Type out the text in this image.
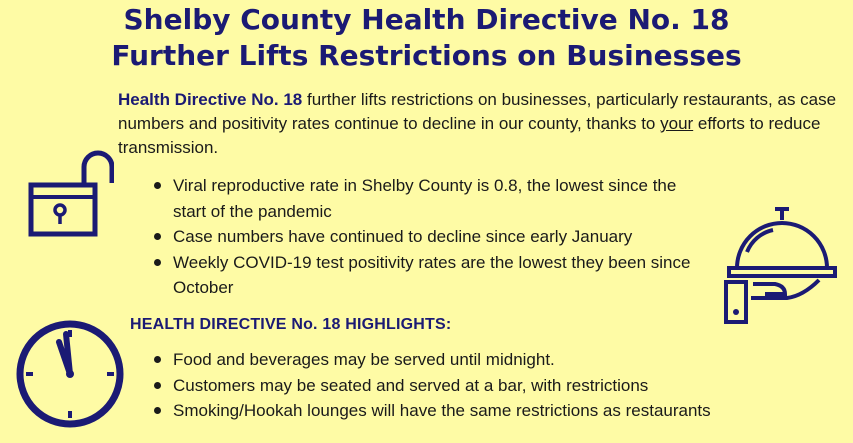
Shelby County Health Directive No. 18
Further Lifts Restrictions on Businesses
Health Directive No. 18 further lifts restrictions on businesses, particularly restaurants, as case numbers and positivity rates continue to decline in our county, thanks to your efforts to reduce transmission.
Viral reproductive rate in Shelby County is 0.8, the lowest since the start of the pandemic
Case numbers have continued to decline since early January
Weekly COVID-19 test positivity rates are the lowest they been since October
HEALTH DIRECTIVE No. 18 HIGHLIGHTS:
Food and beverages may be served until midnight.
Customers may be seated and served at a bar, with restrictions
Smoking/Hookah lounges will have the same restrictions as restaurants
